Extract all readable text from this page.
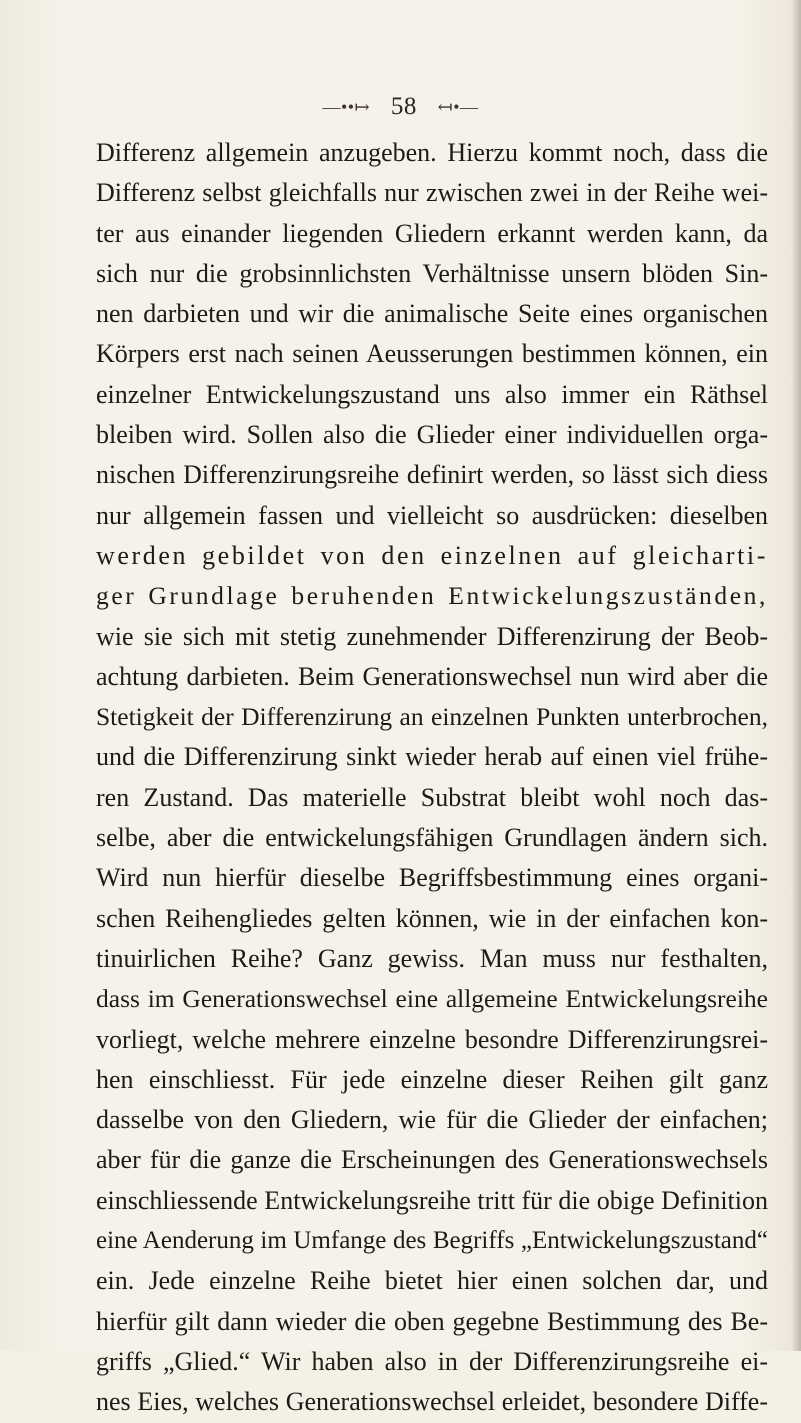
—••↦ 58 ↤•—
Differenz allgemein anzugeben. Hierzu kommt noch, dass die
Differenz selbst gleichfalls nur zwischen zwei in der Reihe wei-
ter aus einander liegenden Gliedern erkannt werden kann, da
sich nur die grobsinnlichsten Verhältnisse unsern blöden Sin-
nen darbieten und wir die animalische Seite eines organischen
Körpers erst nach seinen Aeusserungen bestimmen können, ein
einzelner Entwickelungszustand uns also immer ein Räthsel
bleiben wird. Sollen also die Glieder einer individuellen orga-
nischen Differenzirungsreihe definirt werden, so lässt sich diess
nur allgemein fassen und vielleicht so ausdrücken: dieselben
werden gebildet von den einzelnen auf gleicharti-
ger Grundlage beruhenden Entwickelungszuständen,
wie sie sich mit stetig zunehmender Differenzirung der Beob-
achtung darbieten. Beim Generationswechsel nun wird aber die
Stetigkeit der Differenzirung an einzelnen Punkten unterbrochen,
und die Differenzirung sinkt wieder herab auf einen viel frühe-
ren Zustand. Das materielle Substrat bleibt wohl noch das-
selbe, aber die entwickelungsfähigen Grundlagen ändern sich.
Wird nun hierfür dieselbe Begriffsbestimmung eines organi-
schen Reihengliedes gelten können, wie in der einfachen kon-
tinuirlichen Reihe? Ganz gewiss. Man muss nur festhalten,
dass im Generationswechsel eine allgemeine Entwickelungsreihe
vorliegt, welche mehrere einzelne besondre Differenzirungsrei-
hen einschliesst. Für jede einzelne dieser Reihen gilt ganz
dasselbe von den Gliedern, wie für die Glieder der einfachen;
aber für die ganze die Erscheinungen des Generationswechsels
einschliessende Entwickelungsreihe tritt für die obige Definition
eine Aenderung im Umfange des Begriffs „Entwickelungszustand“
ein. Jede einzelne Reihe bietet hier einen solchen dar, und
hierfür gilt dann wieder die oben gegebne Bestimmung des Be-
griffs „Glied.“ Wir haben also in der Differenzirungsreihe ei-
nes Eies, welches Generationswechsel erleidet, besondere Diffe-
